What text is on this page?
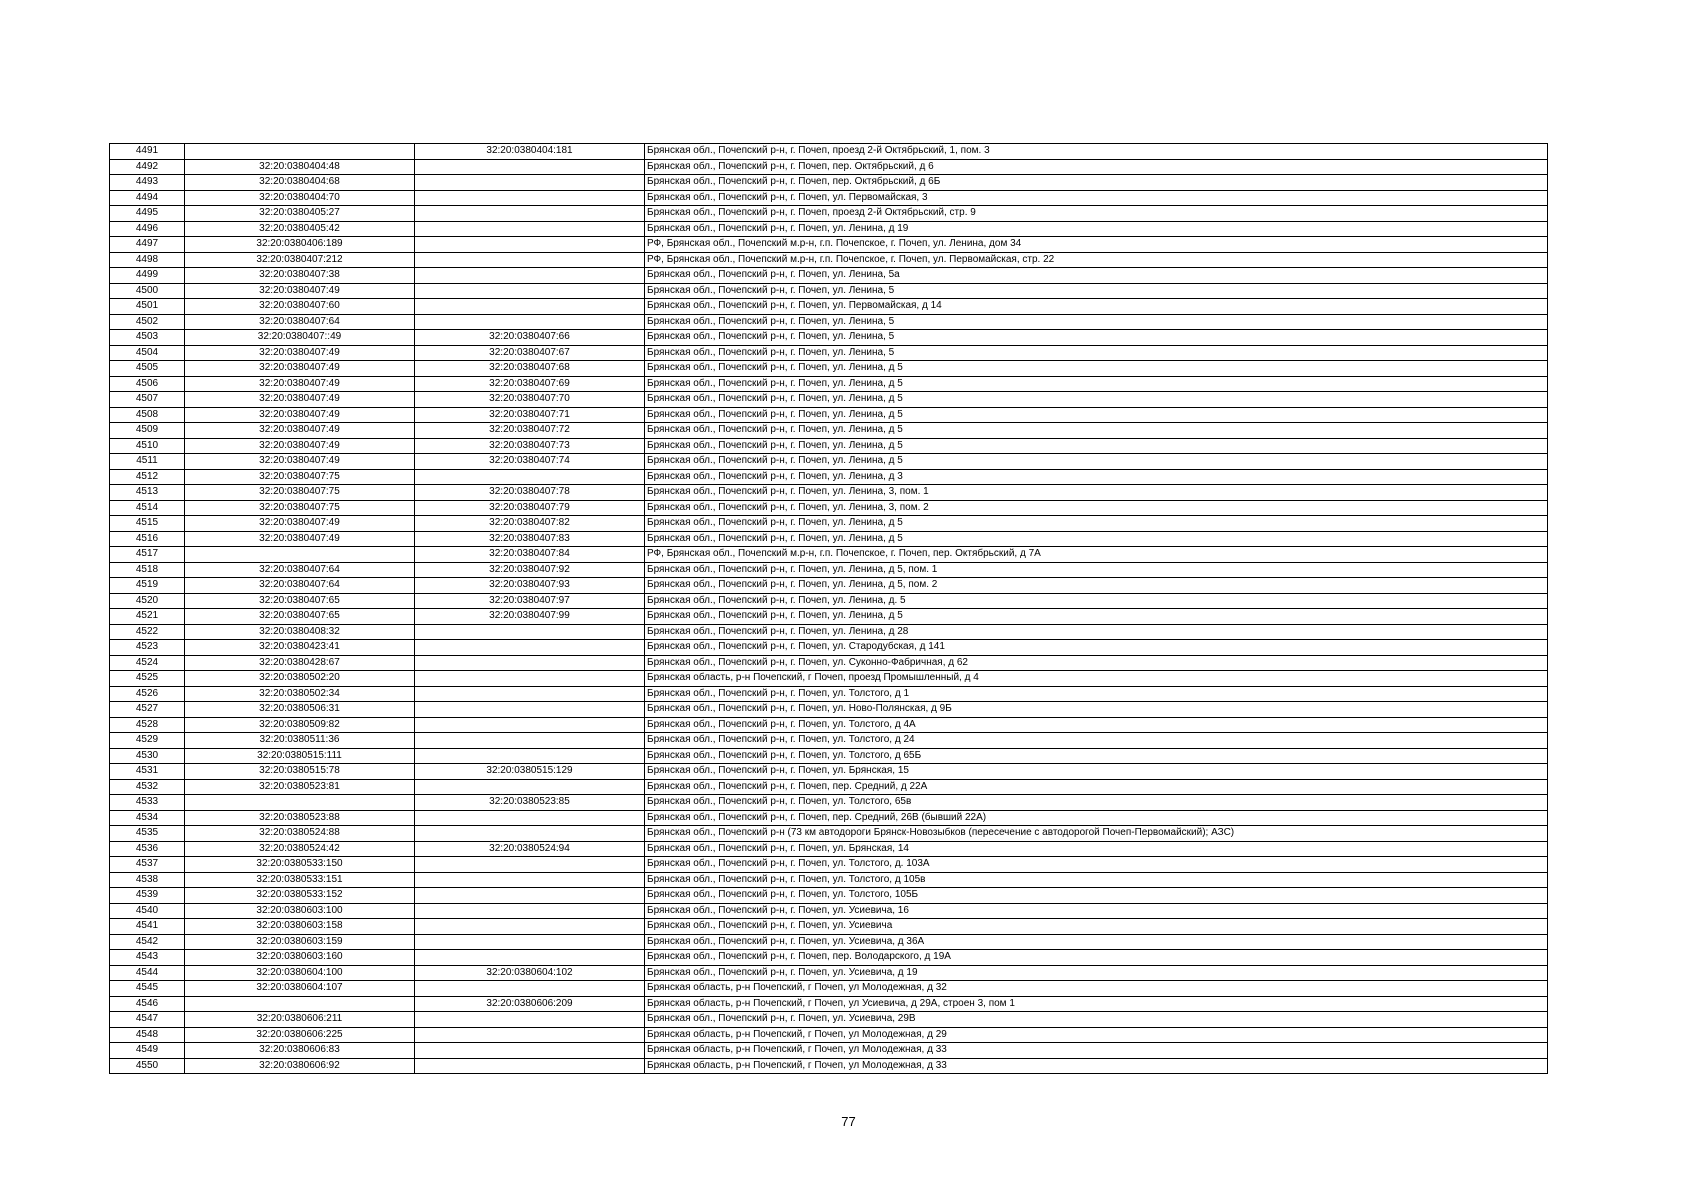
4491		32:20:0380404:181	Брянская обл., Почепский р-н, г. Почеп, проезд 2-й Октябрьский, 1, пом. 3
4492	32:20:0380404:48		Брянская обл., Почепский р-н, г. Почеп, пер. Октябрьский, д 6
4493	32:20:0380404:68		Брянская обл., Почепский р-н, г. Почеп, пер. Октябрьский, д 6Б
4494	32:20:0380404:70		Брянская обл., Почепский р-н, г. Почеп, ул. Первомайская, 3
4495	32:20:0380405:27		Брянская обл., Почепский р-н, г. Почеп, проезд 2-й Октябрьский, стр. 9
4496	32:20:0380405:42		Брянская обл., Почепский р-н, г. Почеп, ул. Ленина, д 19
4497	32:20:0380406:189		РФ, Брянская обл., Почепский м.р-н, г.п. Почепское, г. Почеп, ул. Ленина, дом 34
4498	32:20:0380407:212		РФ, Брянская обл., Почепский м.р-н, г.п. Почепское, г. Почеп, ул. Первомайская, стр. 22
4499	32:20:0380407:38		Брянская обл., Почепский р-н, г. Почеп, ул. Ленина, 5а
4500	32:20:0380407:49		Брянская обл., Почепский р-н, г. Почеп, ул. Ленина, 5
4501	32:20:0380407:60		Брянская обл., Почепский р-н, г. Почеп, ул. Первомайская, д 14
4502	32:20:0380407:64		Брянская обл., Почепский р-н, г. Почеп, ул. Ленина, 5
4503	32:20:0380407::49	32:20:0380407:66	Брянская обл., Почепский р-н, г. Почеп, ул. Ленина, 5
4504	32:20:0380407:49	32:20:0380407:67	Брянская обл., Почепский р-н, г. Почеп, ул. Ленина, 5
4505	32:20:0380407:49	32:20:0380407:68	Брянская обл., Почепский р-н, г. Почеп, ул. Ленина, д 5
4506	32:20:0380407:49	32:20:0380407:69	Брянская обл., Почепский р-н, г. Почеп, ул. Ленина, д 5
4507	32:20:0380407:49	32:20:0380407:70	Брянская обл., Почепский р-н, г. Почеп, ул. Ленина, д 5
4508	32:20:0380407:49	32:20:0380407:71	Брянская обл., Почепский р-н, г. Почеп, ул. Ленина, д 5
4509	32:20:0380407:49	32:20:0380407:72	Брянская обл., Почепский р-н, г. Почеп, ул. Ленина, д 5
4510	32:20:0380407:49	32:20:0380407:73	Брянская обл., Почепский р-н, г. Почеп, ул. Ленина, д 5
4511	32:20:0380407:49	32:20:0380407:74	Брянская обл., Почепский р-н, г. Почеп, ул. Ленина, д 5
4512	32:20:0380407:75		Брянская обл., Почепский р-н, г. Почеп, ул. Ленина, д 3
4513	32:20:0380407:75	32:20:0380407:78	Брянская обл., Почепский р-н, г. Почеп, ул. Ленина, 3, пом. 1
4514	32:20:0380407:75	32:20:0380407:79	Брянская обл., Почепский р-н, г. Почеп, ул. Ленина, 3, пом. 2
4515	32:20:0380407:49	32:20:0380407:82	Брянская обл., Почепский р-н, г. Почеп, ул. Ленина, д 5
4516	32:20:0380407:49	32:20:0380407:83	Брянская обл., Почепский р-н, г. Почеп, ул. Ленина, д 5
4517		32:20:0380407:84	РФ, Брянская обл., Почепский м.р-н, г.п. Почепское, г. Почеп, пер. Октябрьский, д 7А
4518	32:20:0380407:64	32:20:0380407:92	Брянская обл., Почепский р-н, г. Почеп, ул. Ленина, д 5, пом. 1
4519	32:20:0380407:64	32:20:0380407:93	Брянская обл., Почепский р-н, г. Почеп, ул. Ленина, д 5, пом. 2
4520	32:20:0380407:65	32:20:0380407:97	Брянская обл., Почепский р-н, г. Почеп, ул. Ленина, д. 5
4521	32:20:0380407:65	32:20:0380407:99	Брянская обл., Почепский р-н, г. Почеп, ул. Ленина, д 5
4522	32:20:0380408:32		Брянская обл., Почепский р-н, г. Почеп, ул. Ленина, д 28
4523	32:20:0380423:41		Брянская обл., Почепский р-н, г. Почеп, ул. Стародубская, д 141
4524	32:20:0380428:67		Брянская обл., Почепский р-н, г. Почеп, ул. Суконно-Фабричная, д 62
4525	32:20:0380502:20		Брянская область, р-н Почепский, г Почеп, проезд Промышленный, д 4
4526	32:20:0380502:34		Брянская обл., Почепский р-н, г. Почеп, ул. Толстого, д 1
4527	32:20:0380506:31		Брянская обл., Почепский р-н, г. Почеп, ул. Ново-Полянская, д 9Б
4528	32:20:0380509:82		Брянская обл., Почепский р-н, г. Почеп, ул. Толстого, д 4А
4529	32:20:0380511:36		Брянская обл., Почепский р-н, г. Почеп, ул. Толстого, д 24
4530	32:20:0380515:111		Брянская обл., Почепский р-н, г. Почеп, ул. Толстого, д 65Б
4531	32:20:0380515:78	32:20:0380515:129	Брянская обл., Почепский р-н, г. Почеп, ул. Брянская, 15
4532	32:20:0380523:81		Брянская обл., Почепский р-н, г. Почеп, пер. Средний, д 22А
4533		32:20:0380523:85	Брянская обл., Почепский р-н, г. Почеп, ул. Толстого, 65в
4534	32:20:0380523:88		Брянская обл., Почепский р-н, г. Почеп, пер. Средний, 26В (бывший 22А)
4535	32:20:0380524:88		Брянская обл., Почепский р-н (73 км автодороги Брянск-Новозыбков (пересечение с автодорогой Почеп-Первомайский); АЗС)
4536	32:20:0380524:42	32:20:0380524:94	Брянская обл., Почепский р-н, г. Почеп, ул. Брянская, 14
4537	32:20:0380533:150		Брянская обл., Почепский р-н, г. Почеп, ул. Толстого, д. 103А
4538	32:20:0380533:151		Брянская обл., Почепский р-н, г. Почеп, ул. Толстого, д 105в
4539	32:20:0380533:152		Брянская обл., Почепский р-н, г. Почеп, ул. Толстого, 105Б
4540	32:20:0380603:100		Брянская обл., Почепский р-н, г. Почеп, ул. Усиевича, 16
4541	32:20:0380603:158		Брянская обл., Почепский р-н, г. Почеп, ул. Усиевича
4542	32:20:0380603:159		Брянская обл., Почепский р-н, г. Почеп, ул. Усиевича, д 36А
4543	32:20:0380603:160		Брянская обл., Почепский р-н, г. Почеп, пер. Володарского, д 19А
4544	32:20:0380604:100	32:20:0380604:102	Брянская обл., Почепский р-н, г. Почеп, ул. Усиевича, д 19
4545	32:20:0380604:107		Брянская область, р-н Почепский, г Почеп, ул Молодежная, д 32
4546		32:20:0380606:209	Брянская область, р-н Почепский, г Почеп, ул Усиевича, д 29А, строен 3, пом 1
4547	32:20:0380606:211		Брянская обл., Почепский р-н, г. Почеп, ул. Усиевича, 29В
4548	32:20:0380606:225		Брянская область, р-н Почепский, г Почеп, ул Молодежная, д 29
4549	32:20:0380606:83		Брянская область, р-н Почепский, г Почеп, ул Молодежная, д 33
4550	32:20:0380606:92		Брянская область, р-н Почепский, г Почеп, ул Молодежная, д 33
77
